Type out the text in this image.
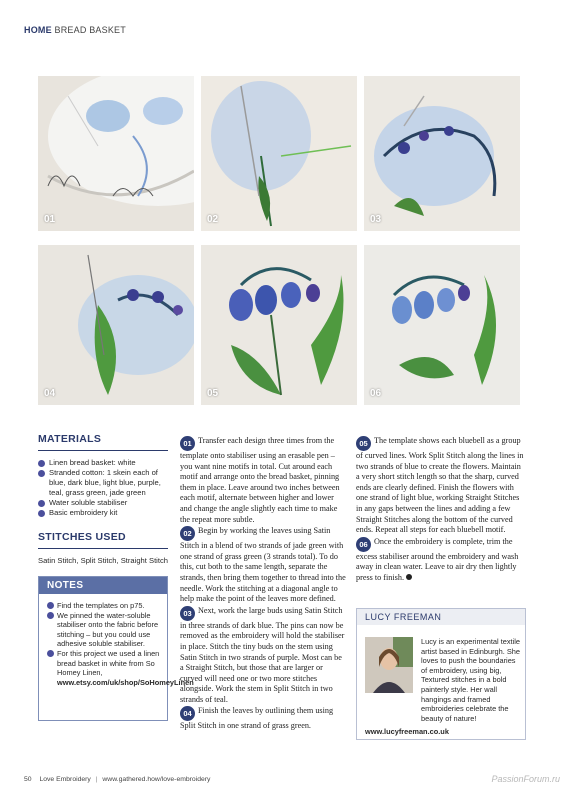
HOME BREAD BASKET
01	02	03
04	05	06
MATERIALS
Linen bread basket: white
Stranded cotton: 1 skein each of blue, dark blue, light blue, purple, teal, grass green, jade green
Water soluble stabiliser
Basic embroidery kit
STITCHES USED
Satin Stitch, Split Stitch, Straight Stitch
NOTES

Find the templates on p75.

We pinned the water-soluble stabiliser onto the fabric before stitching – but you could use adhesive soluble stabiliser.

For this project we used a linen bread basket in white from So Homey Linen, www.etsy.com/uk/shop/SoHomeyLinen

01 Transfer each design three times from the template onto stabiliser using an erasable pen – you want nine motifs in total. Cut around each motif and arrange onto the bread basket, pinning them in place. Leave around two inches between each motif, alternate between higher and lower and change the angle slightly each time to make the repeat more subtle.

02 Begin by working the leaves using Satin Stitch in a blend of two strands of jade green with one strand of grass green (3 strands total). To do this, cut both to the same length, separate the strands, then bring them together to thread into the needle. Work the stitching at a diagonal angle to help make the point of the leaves more defined.

03 Next, work the large buds using Satin Stitch in three strands of dark blue. The pins can now be removed as the embroidery will hold the stabiliser in place. Stitch the tiny buds on the stem using Satin Stitch in two strands of purple. Most can be a Straight Stitch, but those that are larger or curved will need one or two more stitches alongside. Work the stem in Split Stitch in two strands of teal.

04 Finish the leaves by outlining them using Split Stitch in one strand of grass green.

05 The template shows each bluebell as a group of curved lines. Work Split Stitch along the lines in two strands of blue to create the flowers. Maintain a very short stitch length so that the sharp, curved ends are clearly defined. Finish the flowers with one strand of light blue, working Straight Stitches in any gaps between the lines and adding a few Straight Stitches along the bottom of the curved ends. Repeat all steps for each bluebell motif.

06 Once the embroidery is complete, trim the excess stabiliser around the embroidery and wash away in clean water. Leave to air dry then lightly press to finish.

LUCY FREEMAN
Lucy is an experimental textile artist based in Edinburgh. She loves to push the boundaries of embroidery, using big, Textured stitches in a bold painterly style. Her wall hangings and framed embroideries celebrate the beauty of nature!
www.lucyfreeman.co.uk
50 Love Embroidery | www.gathered.how/love-embroidery	PassionForum.ru
